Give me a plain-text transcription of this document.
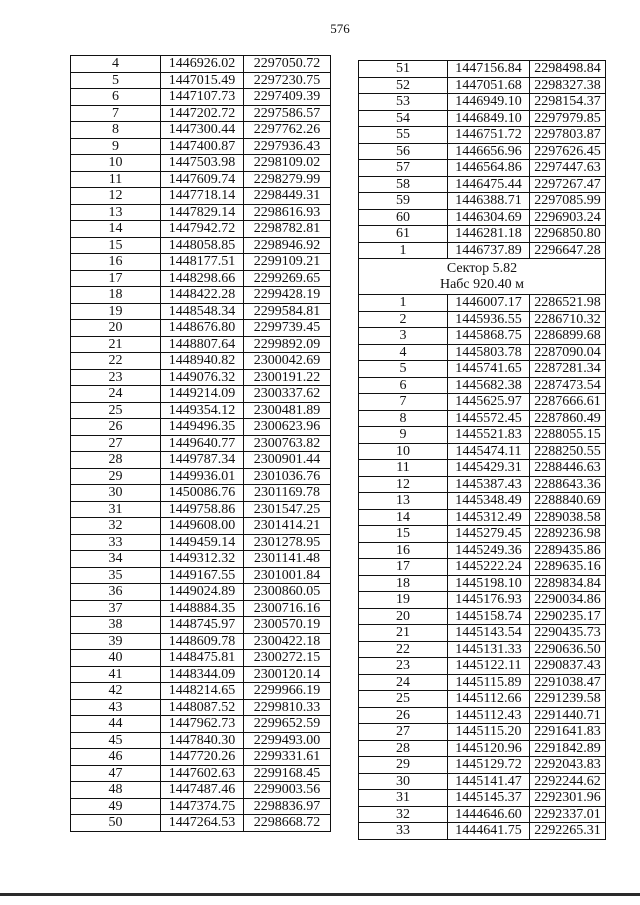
576
4	1446926.02	2297050.72
5	1447015.49	2297230.75
6	1447107.73	2297409.39
7	1447202.72	2297586.57
8	1447300.44	2297762.26
9	1447400.87	2297936.43
10	1447503.98	2298109.02
11	1447609.74	2298279.99
12	1447718.14	2298449.31
13	1447829.14	2298616.93
14	1447942.72	2298782.81
15	1448058.85	2298946.92
16	1448177.51	2299109.21
17	1448298.66	2299269.65
18	1448422.28	2299428.19
19	1448548.34	2299584.81
20	1448676.80	2299739.45
21	1448807.64	2299892.09
22	1448940.82	2300042.69
23	1449076.32	2300191.22
24	1449214.09	2300337.62
25	1449354.12	2300481.89
26	1449496.35	2300623.96
27	1449640.77	2300763.82
28	1449787.34	2300901.44
29	1449936.01	2301036.76
30	1450086.76	2301169.78
31	1449758.86	2301547.25
32	1449608.00	2301414.21
33	1449459.14	2301278.95
34	1449312.32	2301141.48
35	1449167.55	2301001.84
36	1449024.89	2300860.05
37	1448884.35	2300716.16
38	1448745.97	2300570.19
39	1448609.78	2300422.18
40	1448475.81	2300272.15
41	1448344.09	2300120.14
42	1448214.65	2299966.19
43	1448087.52	2299810.33
44	1447962.73	2299652.59
45	1447840.30	2299493.00
46	1447720.26	2299331.61
47	1447602.63	2299168.45
48	1447487.46	2299003.56
49	1447374.75	2298836.97
50	1447264.53	2298668.72
51	1447156.84	2298498.84
52	1447051.68	2298327.38
53	1446949.10	2298154.37
54	1446849.10	2297979.85
55	1446751.72	2297803.87
56	1446656.96	2297626.45
57	1446564.86	2297447.63
58	1446475.44	2297267.47
59	1446388.71	2297085.99
60	1446304.69	2296903.24
61	1446281.18	2296850.80
1	1446737.89	2296647.28

Сектор 5.82
Набс 920.40 м		

1	1446007.17	2286521.98
2	1445936.55	2286710.32
3	1445868.75	2286899.68
4	1445803.78	2287090.04
5	1445741.65	2287281.34
6	1445682.38	2287473.54
7	1445625.97	2287666.61
8	1445572.45	2287860.49
9	1445521.83	2288055.15
10	1445474.11	2288250.55
11	1445429.31	2288446.63
12	1445387.43	2288643.36
13	1445348.49	2288840.69
14	1445312.49	2289038.58
15	1445279.45	2289236.98
16	1445249.36	2289435.86
17	1445222.24	2289635.16
18	1445198.10	2289834.84
19	1445176.93	2290034.86
20	1445158.74	2290235.17
21	1445143.54	2290435.73
22	1445131.33	2290636.50
23	1445122.11	2290837.43
24	1445115.89	2291038.47
25	1445112.66	2291239.58
26	1445112.43	2291440.71
27	1445115.20	2291641.83
28	1445120.96	2291842.89
29	1445129.72	2292043.83
30	1445141.47	2292244.62
31	1445145.37	2292301.96
32	1444646.60	2292337.01
33	1444641.75	2292265.31
